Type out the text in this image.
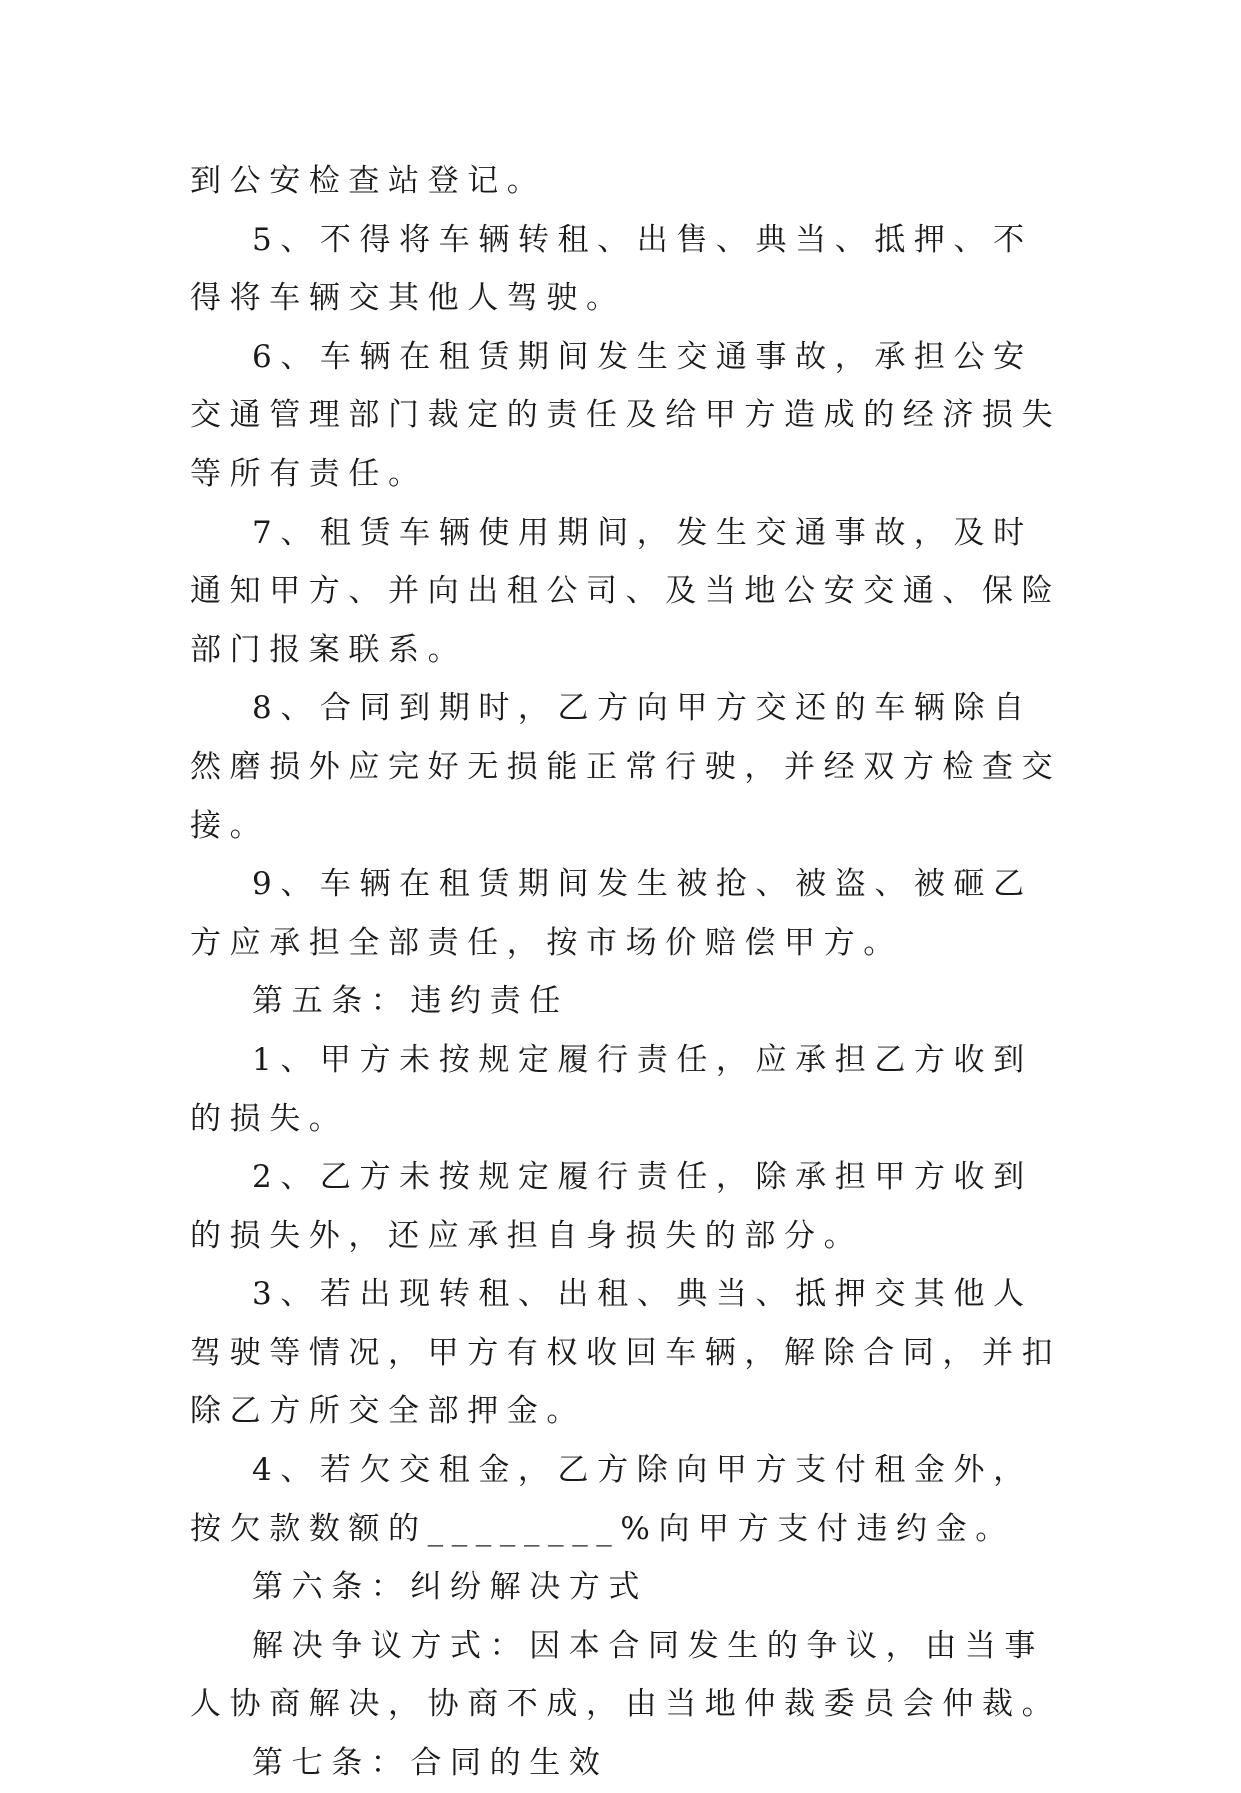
到公安检查站登记。

5、不得将车辆转租、出售、典当、抵押、不得将车辆交其他人驾驶。

6、车辆在租赁期间发生交通事故，承担公安交通管理部门裁定的责任及给甲方造成的经济损失等所有责任。

7、租赁车辆使用期间，发生交通事故，及时通知甲方、并向出租公司、及当地公安交通、保险部门报案联系。

8、合同到期时，乙方向甲方交还的车辆除自然磨损外应完好无损能正常行驶，并经双方检查交接。

9、车辆在租赁期间发生被抢、被盗、被砸乙方应承担全部责任，按市场价赔偿甲方。

第五条：违约责任

1、甲方未按规定履行责任，应承担乙方收到的损失。

2、乙方未按规定履行责任，除承担甲方收到的损失外，还应承担自身损失的部分。

3、若出现转租、出租、典当、抵押交其他人驾驶等情况，甲方有权收回车辆，解除合同，并扣除乙方所交全部押金。

4、若欠交租金，乙方除向甲方支付租金外，按欠款数额的________%向甲方支付违约金。

第六条：纠纷解决方式

解决争议方式：因本合同发生的争议，由当事人协商解决，协商不成，由当地仲裁委员会仲裁。

第七条：合同的生效
